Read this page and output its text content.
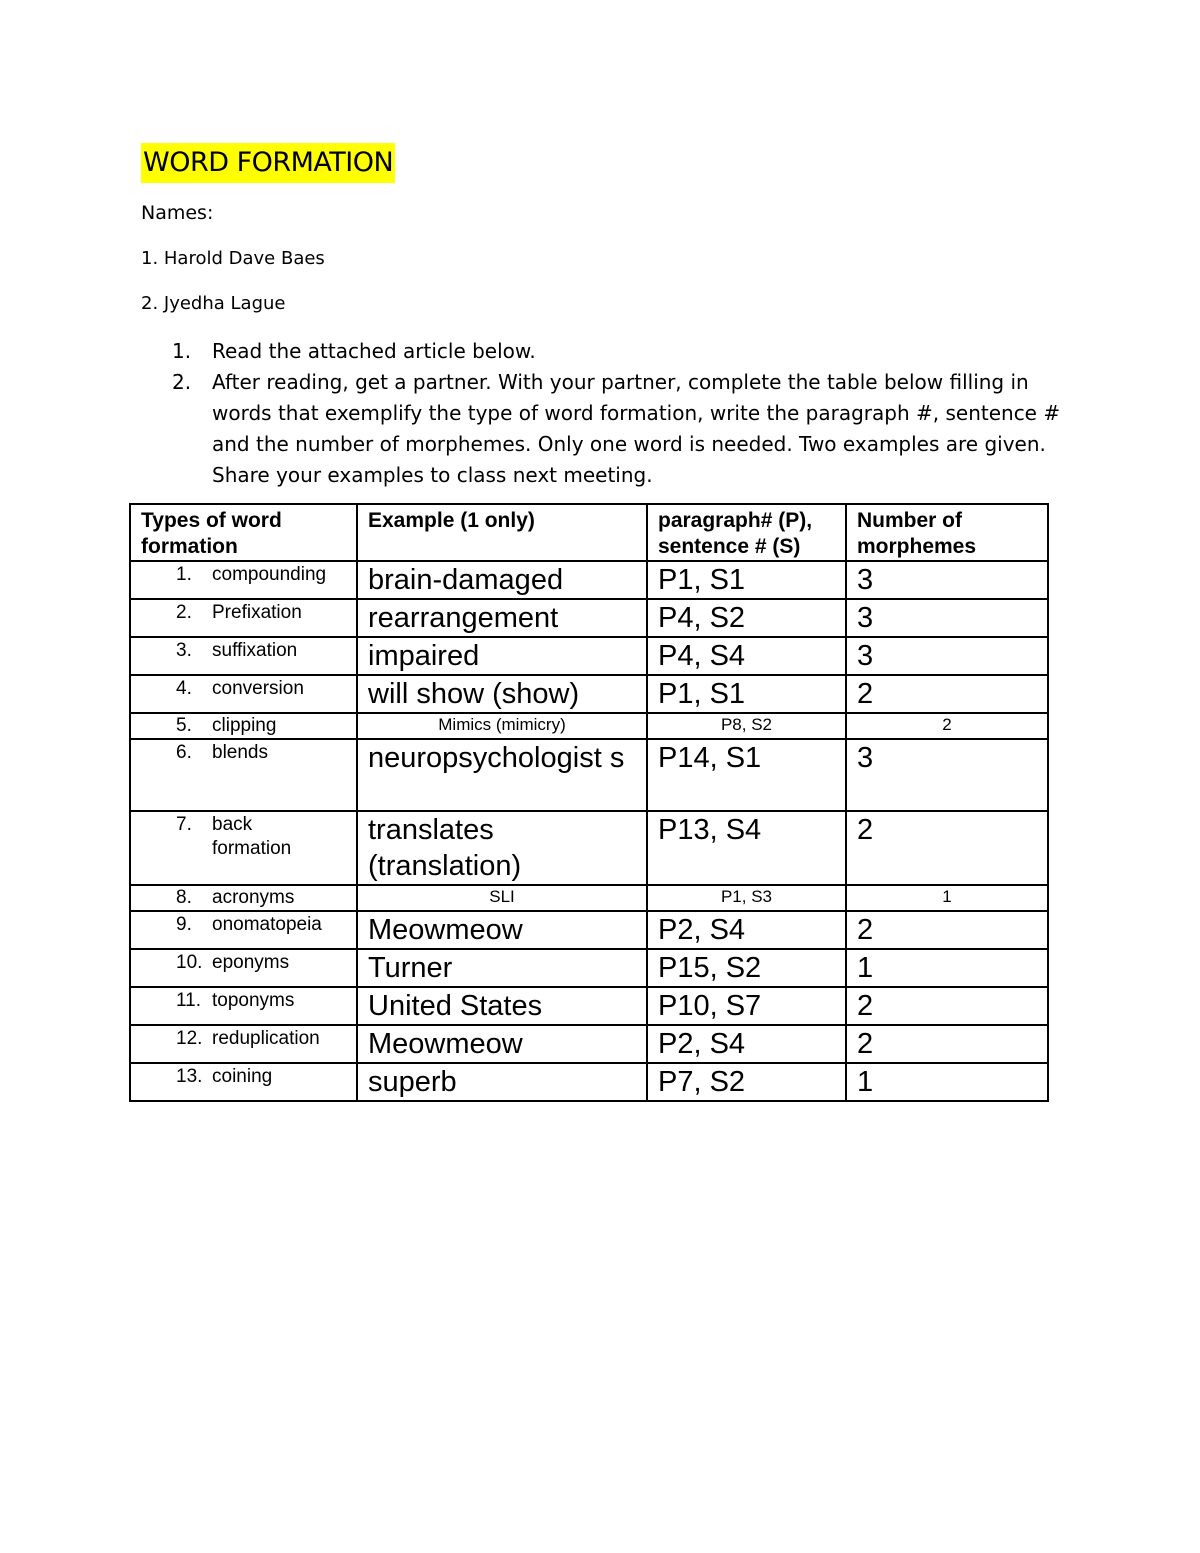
WORD FORMATION
Names:
1. Harold Dave Baes
2. Jyedha Lague
1. Read the attached article below.
2. After reading, get a partner. With your partner, complete the table below filling in words that exemplify the type of word formation, write the paragraph #, sentence # and the number of morphemes. Only one word is needed. Two examples are given. Share your examples to class next meeting.
Types of word formation	Example (1 only)	paragraph# (P), sentence # (S)	Number of morphemes

1. compounding	brain-damaged	P1, S1	3

2. Prefixation	rearrangement	P4, S2	3

3. suffixation	impaired	P4, S4	3

4. conversion	will show (show)	P1, S1	2

5. clipping	Mimics (mimicry)	P8, S2	2

6. blends	neuropsychologist s	P14, S1	3

7. back formation	translates (translation)	P13, S4	2

8. acronyms	SLI	P1, S3	1

9. onomatopeia	Meowmeow	P2, S4	2

10. eponyms	Turner	P15, S2	1

11. toponyms	United States	P10, S7	2

12. reduplication	Meowmeow	P2, S4	2

13. coining	superb	P7, S2	1
